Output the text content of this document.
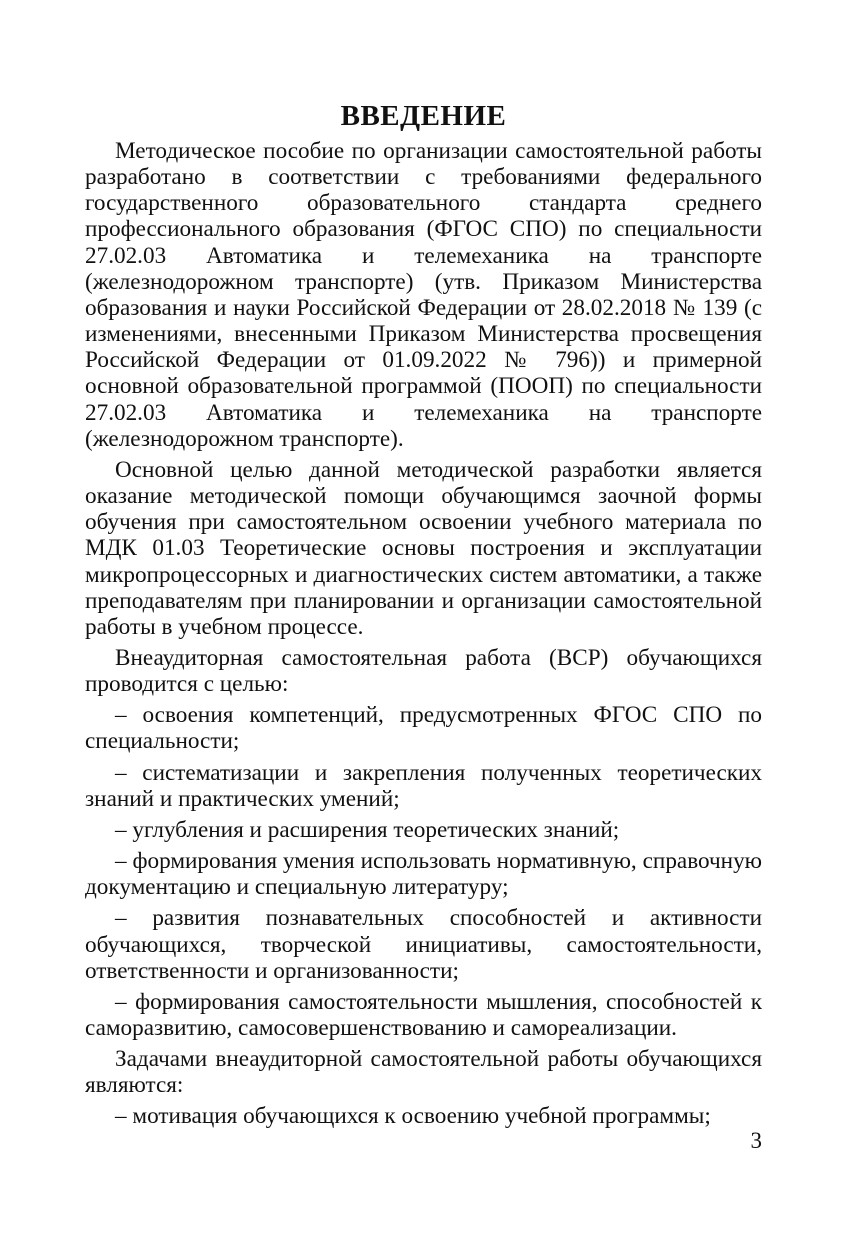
ВВЕДЕНИЕ

Методическое пособие по организации самостоятельной работы разработано в соответствии с требованиями федерального государственного образовательного стандарта среднего профессионального образования (ФГОС СПО) по специальности 27.02.03 Автоматика и телемеханика на транспорте (железнодорожном транспорте) (утв. Приказом Министерства образования и науки Российской Федерации от 28.02.2018 № 139 (с изменениями, внесенными Приказом Министерства просвещения Российской Федерации от 01.09.2022 № 796)) и примерной основной образовательной программой (ПООП) по специальности 27.02.03 Автоматика и телемеханика на транспорте (железнодорожном транспорте).

Основной целью данной методической разработки является оказание методической помощи обучающимся заочной формы обучения при самостоятельном освоении учебного материала по МДК 01.03 Теоретические основы построения и эксплуатации микропроцессорных и диагностических систем автоматики, а также преподавателям при планировании и организации самостоятельной работы в учебном процессе.

Внеаудиторная самостоятельная работа (ВСР) обучающихся проводится с целью:

– освоения компетенций, предусмотренных ФГОС СПО по специальности;

– систематизации и закрепления полученных теоретических знаний и практических умений;

– углубления и расширения теоретических знаний;

– формирования умения использовать нормативную, справочную документацию и специальную литературу;

– развития познавательных способностей и активности обучающихся, творческой инициативы, самостоятельности, ответственности и организованности;

– формирования самостоятельности мышления, способностей к саморазвитию, самосовершенствованию и самореализации.

Задачами внеаудиторной самостоятельной работы обучающихся являются:

– мотивация обучающихся к освоению учебной программы;

3
